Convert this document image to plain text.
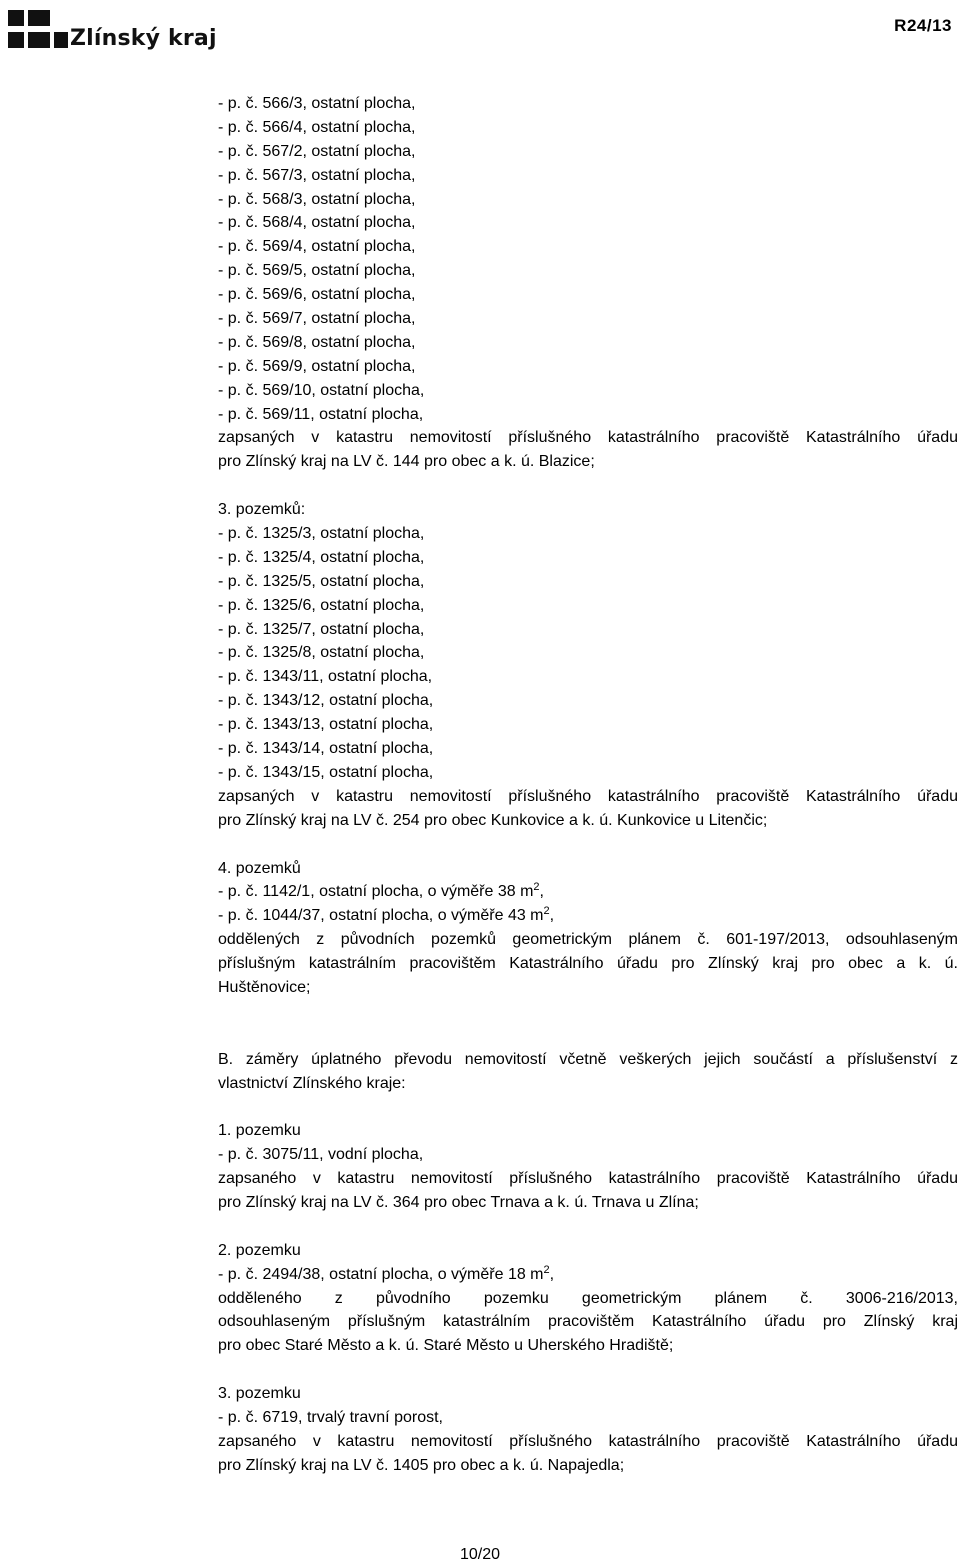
Zlínský kraj
R24/13
- p. č. 566/3, ostatní plocha,
- p. č. 566/4, ostatní plocha,
- p. č. 567/2, ostatní plocha,
- p. č. 567/3, ostatní plocha,
- p. č. 568/3, ostatní plocha,
- p. č. 568/4, ostatní plocha,
- p. č. 569/4, ostatní plocha,
- p. č. 569/5, ostatní plocha,
- p. č. 569/6, ostatní plocha,
- p. č. 569/7, ostatní plocha,
- p. č. 569/8, ostatní plocha,
- p. č. 569/9, ostatní plocha,
- p. č. 569/10, ostatní plocha,
- p. č. 569/11, ostatní plocha,
zapsaných v katastru nemovitostí příslušného katastrálního pracoviště Katastrálního úřadu
pro Zlínský kraj na LV č. 144 pro obec a k. ú. Blazice;
3. pozemků:
- p. č. 1325/3, ostatní plocha,
- p. č. 1325/4, ostatní plocha,
- p. č. 1325/5, ostatní plocha,
- p. č. 1325/6, ostatní plocha,
- p. č. 1325/7, ostatní plocha,
- p. č. 1325/8, ostatní plocha,
- p. č. 1343/11, ostatní plocha,
- p. č. 1343/12, ostatní plocha,
- p. č. 1343/13, ostatní plocha,
- p. č. 1343/14, ostatní plocha,
- p. č. 1343/15, ostatní plocha,
zapsaných v katastru nemovitostí příslušného katastrálního pracoviště Katastrálního úřadu
pro Zlínský kraj na LV č. 254 pro obec Kunkovice a k. ú. Kunkovice u Litenčic;
4. pozemků
- p. č. 1142/1, ostatní plocha, o výměře 38 $m^2$,
- p. č. 1044/37, ostatní plocha, o výměře 43 $m^2$,
oddělených z původních pozemků geometrickým plánem č. 601-197/2013, odsouhlaseným
příslušným katastrálním pracovištěm Katastrálního úřadu pro Zlínský kraj pro obec a k. ú.
Huštěnovice;
B. záměry úplatného převodu nemovitostí včetně veškerých jejich součástí a příslušenství z
vlastnictví Zlínského kraje:
1. pozemku
- p. č. 3075/11, vodní plocha,
zapsaného v katastru nemovitostí příslušného katastrálního pracoviště Katastrálního úřadu
pro Zlínský kraj na LV č. 364 pro obec Trnava a k. ú. Trnava u Zlína;
2. pozemku
- p. č. 2494/38, ostatní plocha, o výměře 18 $m^2$,
odděleného z původního pozemku geometrickým plánem č. 3006-216/2013,
odsouhlaseným příslušným katastrálním pracovištěm Katastrálního úřadu pro Zlínský kraj
pro obec Staré Město a k. ú. Staré Město u Uherského Hradiště;
3. pozemku
- p. č. 6719, trvalý travní porost,
zapsaného v katastru nemovitostí příslušného katastrálního pracoviště Katastrálního úřadu
pro Zlínský kraj na LV č. 1405 pro obec a k. ú. Napajedla;
10/20
